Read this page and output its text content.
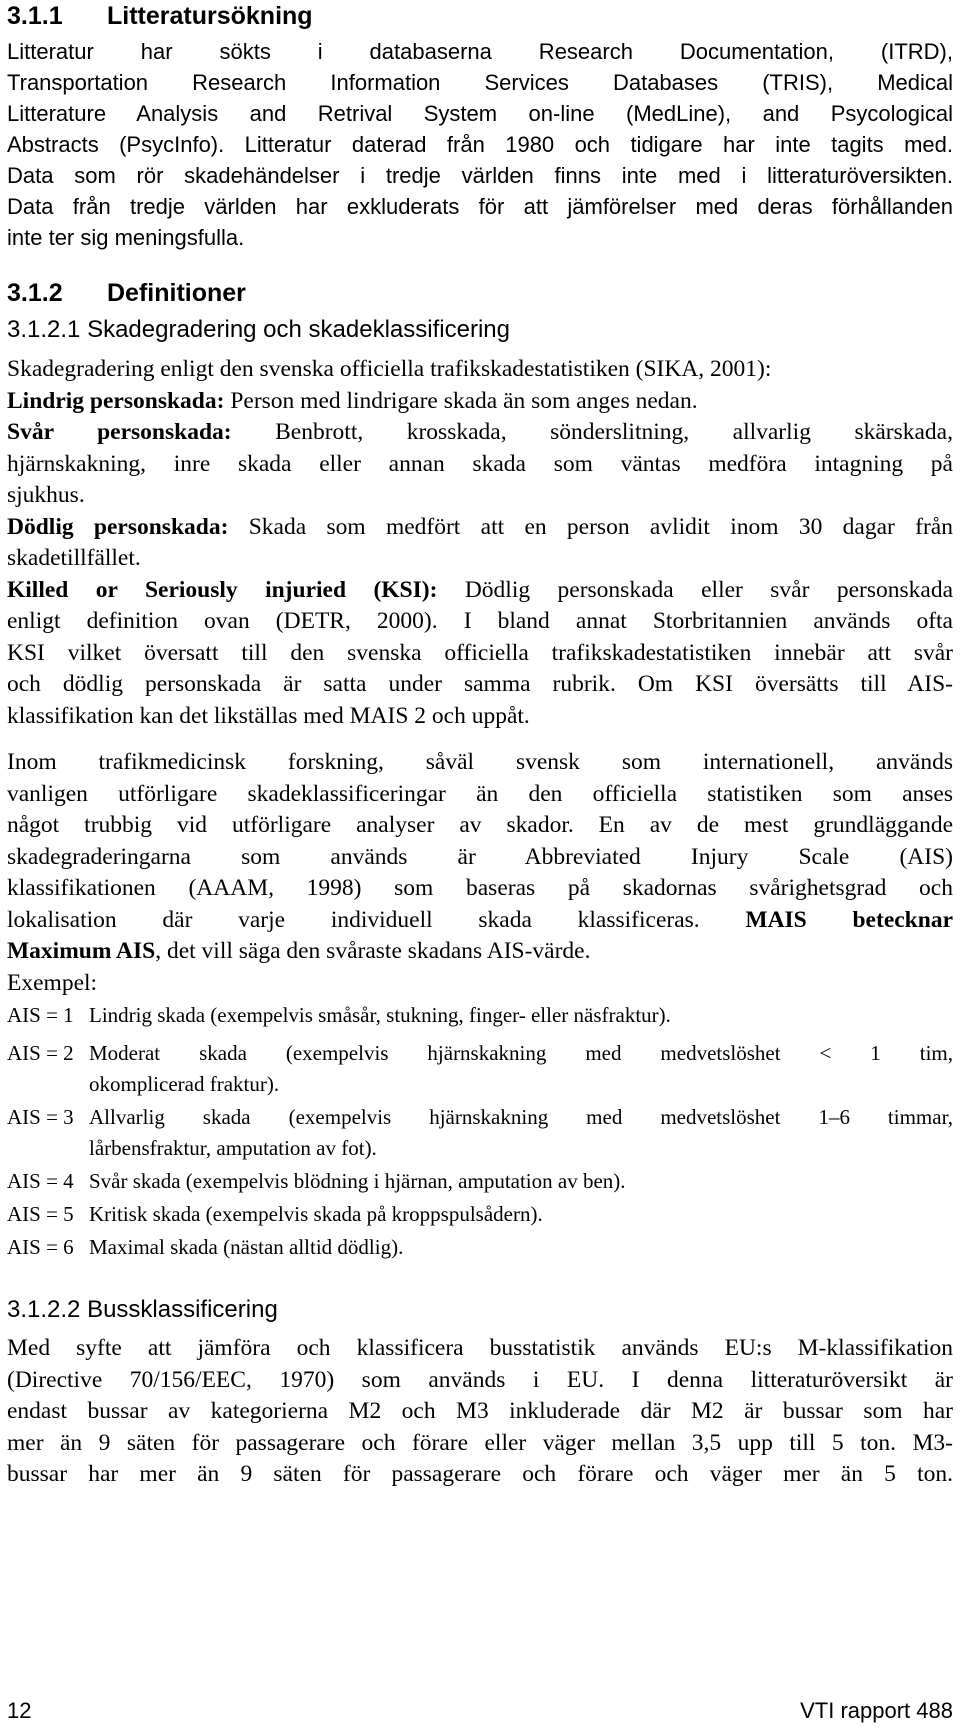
3.1.1 Litteratursökning
Litteratur har sökts i databaserna Research Documentation, (ITRD),
Transportation Research Information Services Databases (TRIS), Medical
Litterature Analysis and Retrival System on-line (MedLine), and Psycological
Abstracts (PsycInfo). Litteratur daterad från 1980 och tidigare har inte tagits med.
Data som rör skadehändelser i tredje världen finns inte med i litteraturöversikten.
Data från tredje världen har exkluderats för att jämförelser med deras förhållanden
inte ter sig meningsfulla.
3.1.2 Definitioner
3.1.2.1 Skadegradering och skadeklassificering
Skadegradering enligt den svenska officiella trafikskadestatistiken (SIKA, 2001):
Lindrig personskada: Person med lindrigare skada än som anges nedan.
Svår personskada: Benbrott, krosskada, sönderslitning, allvarlig skärskada,
hjärnskakning, inre skada eller annan skada som väntas medföra intagning på
sjukhus.
Dödlig personskada: Skada som medfört att en person avlidit inom 30 dagar från
skadetillfället.
Killed or Seriously injuried (KSI): Dödlig personskada eller svår personskada
enligt definition ovan (DETR, 2000). I bland annat Storbritannien används ofta
KSI vilket översatt till den svenska officiella trafikskadestatistiken innebär att svår
och dödlig personskada är satta under samma rubrik. Om KSI översätts till AIS-
klassifikation kan det likställas med MAIS 2 och uppåt.
Inom trafikmedicinsk forskning, såväl svensk som internationell, används
vanligen utförligare skadeklassificeringar än den officiella statistiken som anses
något trubbig vid utförligare analyser av skador. En av de mest grundläggande
skadegraderingarna som används är Abbreviated Injury Scale (AIS)
klassifikationen (AAAM, 1998) som baseras på skadornas svårighetsgrad och
lokalisation där varje individuell skada klassificeras. MAIS betecknar
Maximum AIS, det vill säga den svåraste skadans AIS-värde.
Exempel:
AIS = 1 Lindrig skada (exempelvis småsår, stukning, finger- eller näsfraktur).
AIS = 2 Moderat skada (exempelvis hjärnskakning med medvetslöshet < 1 tim,
okomplicerad fraktur).
AIS = 3 Allvarlig skada (exempelvis hjärnskakning med medvetslöshet 1–6 timmar,
lårbensfraktur, amputation av fot).
AIS = 4 Svår skada (exempelvis blödning i hjärnan, amputation av ben).
AIS = 5 Kritisk skada (exempelvis skada på kroppspulsådern).
AIS = 6 Maximal skada (nästan alltid dödlig).
3.1.2.2 Bussklassificering
Med syfte att jämföra och klassificera busstatistik används EU:s M-klassifikation
(Directive 70/156/EEC, 1970) som används i EU. I denna litteraturöversikt är
endast bussar av kategorierna M2 och M3 inkluderade där M2 är bussar som har
mer än 9 säten för passagerare och förare eller väger mellan 3,5 upp till 5 ton. M3-
bussar har mer än 9 säten för passagerare och förare och väger mer än 5 ton.
12	VTI rapport 488
